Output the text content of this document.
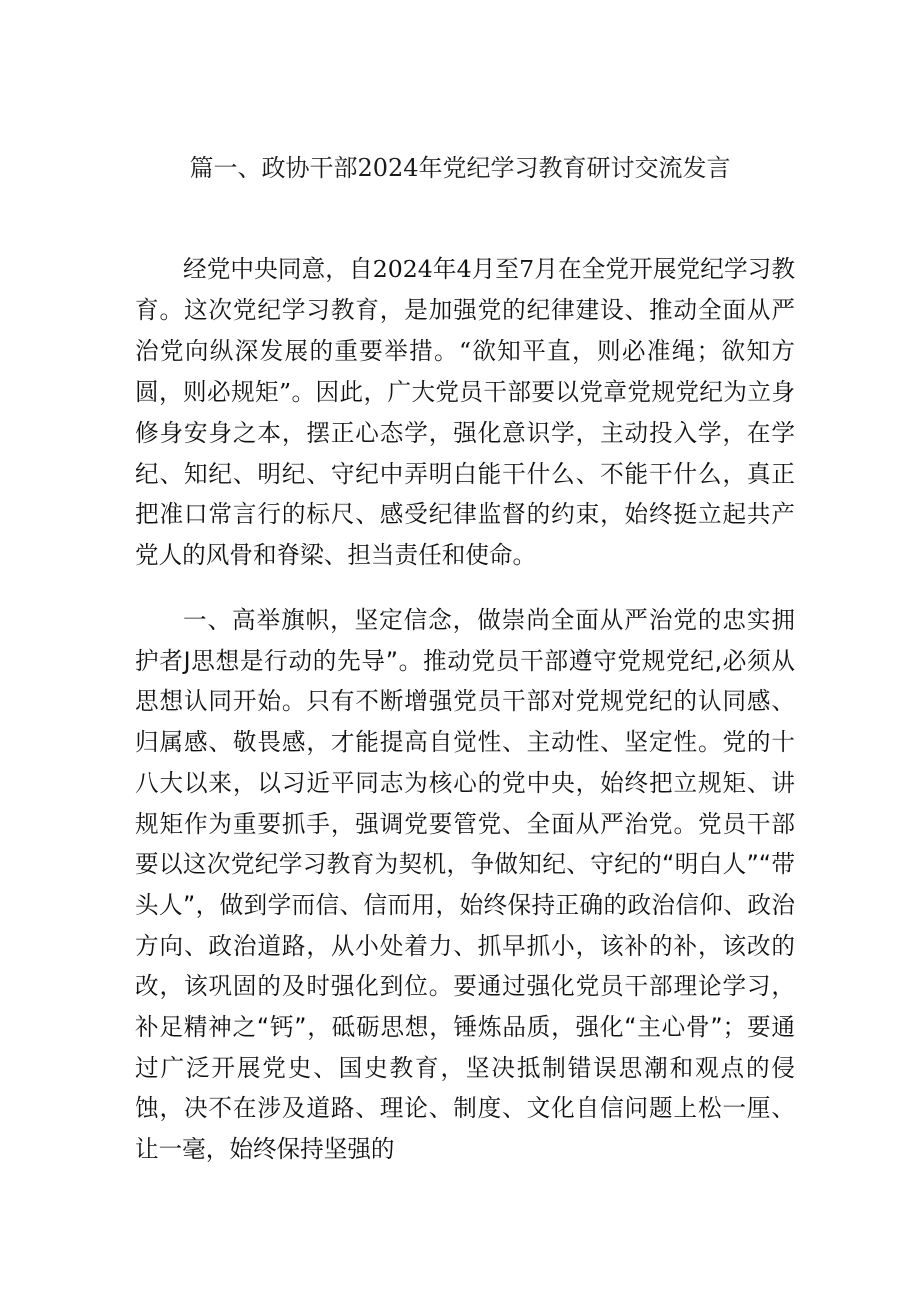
篇一、政协干部2024年党纪学习教育研讨交流发言

经党中央同意，自2024年4月至7月在全党开展党纪学习教育。这次党纪学习教育，是加强党的纪律建设、推动全面从严治党向纵深发展的重要举措。“欲知平直，则必准绳；欲知方圆，则必规矩”。因此，广大党员干部要以党章党规党纪为立身修身安身之本，摆正心态学，强化意识学，主动投入学，在学纪、知纪、明纪、守纪中弄明白能干什么、不能干什么，真正把准口常言行的标尺、感受纪律监督的约束，始终挺立起共产党人的风骨和脊梁、担当责任和使命。

一、高举旗帜，坚定信念，做崇尚全面从严治党的忠实拥护者J思想是行动的先导”。推动党员干部遵守党规党纪,必须从思想认同开始。只有不断增强党员干部对党规党纪的认同感、归属感、敬畏感，才能提高自觉性、主动性、坚定性。党的十八大以来，以习近平同志为核心的党中央，始终把立规矩、讲规矩作为重要抓手，强调党要管党、全面从严治党。党员干部要以这次党纪学习教育为契机，争做知纪、守纪的“明白人”“带头人”，做到学而信、信而用，始终保持正确的政治信仰、政治方向、政治道路，从小处着力、抓早抓小，该补的补，该改的改，该巩固的及时强化到位。要通过强化党员干部理论学习，补足精神之“钙”，砥砺思想，锤炼品质，强化“主心骨”；要通过广泛开展党史、国史教育，坚决抵制错误思潮和观点的侵蚀，决不在涉及道路、理论、制度、文化自信问题上松一厘、让一毫，始终保持坚强的
